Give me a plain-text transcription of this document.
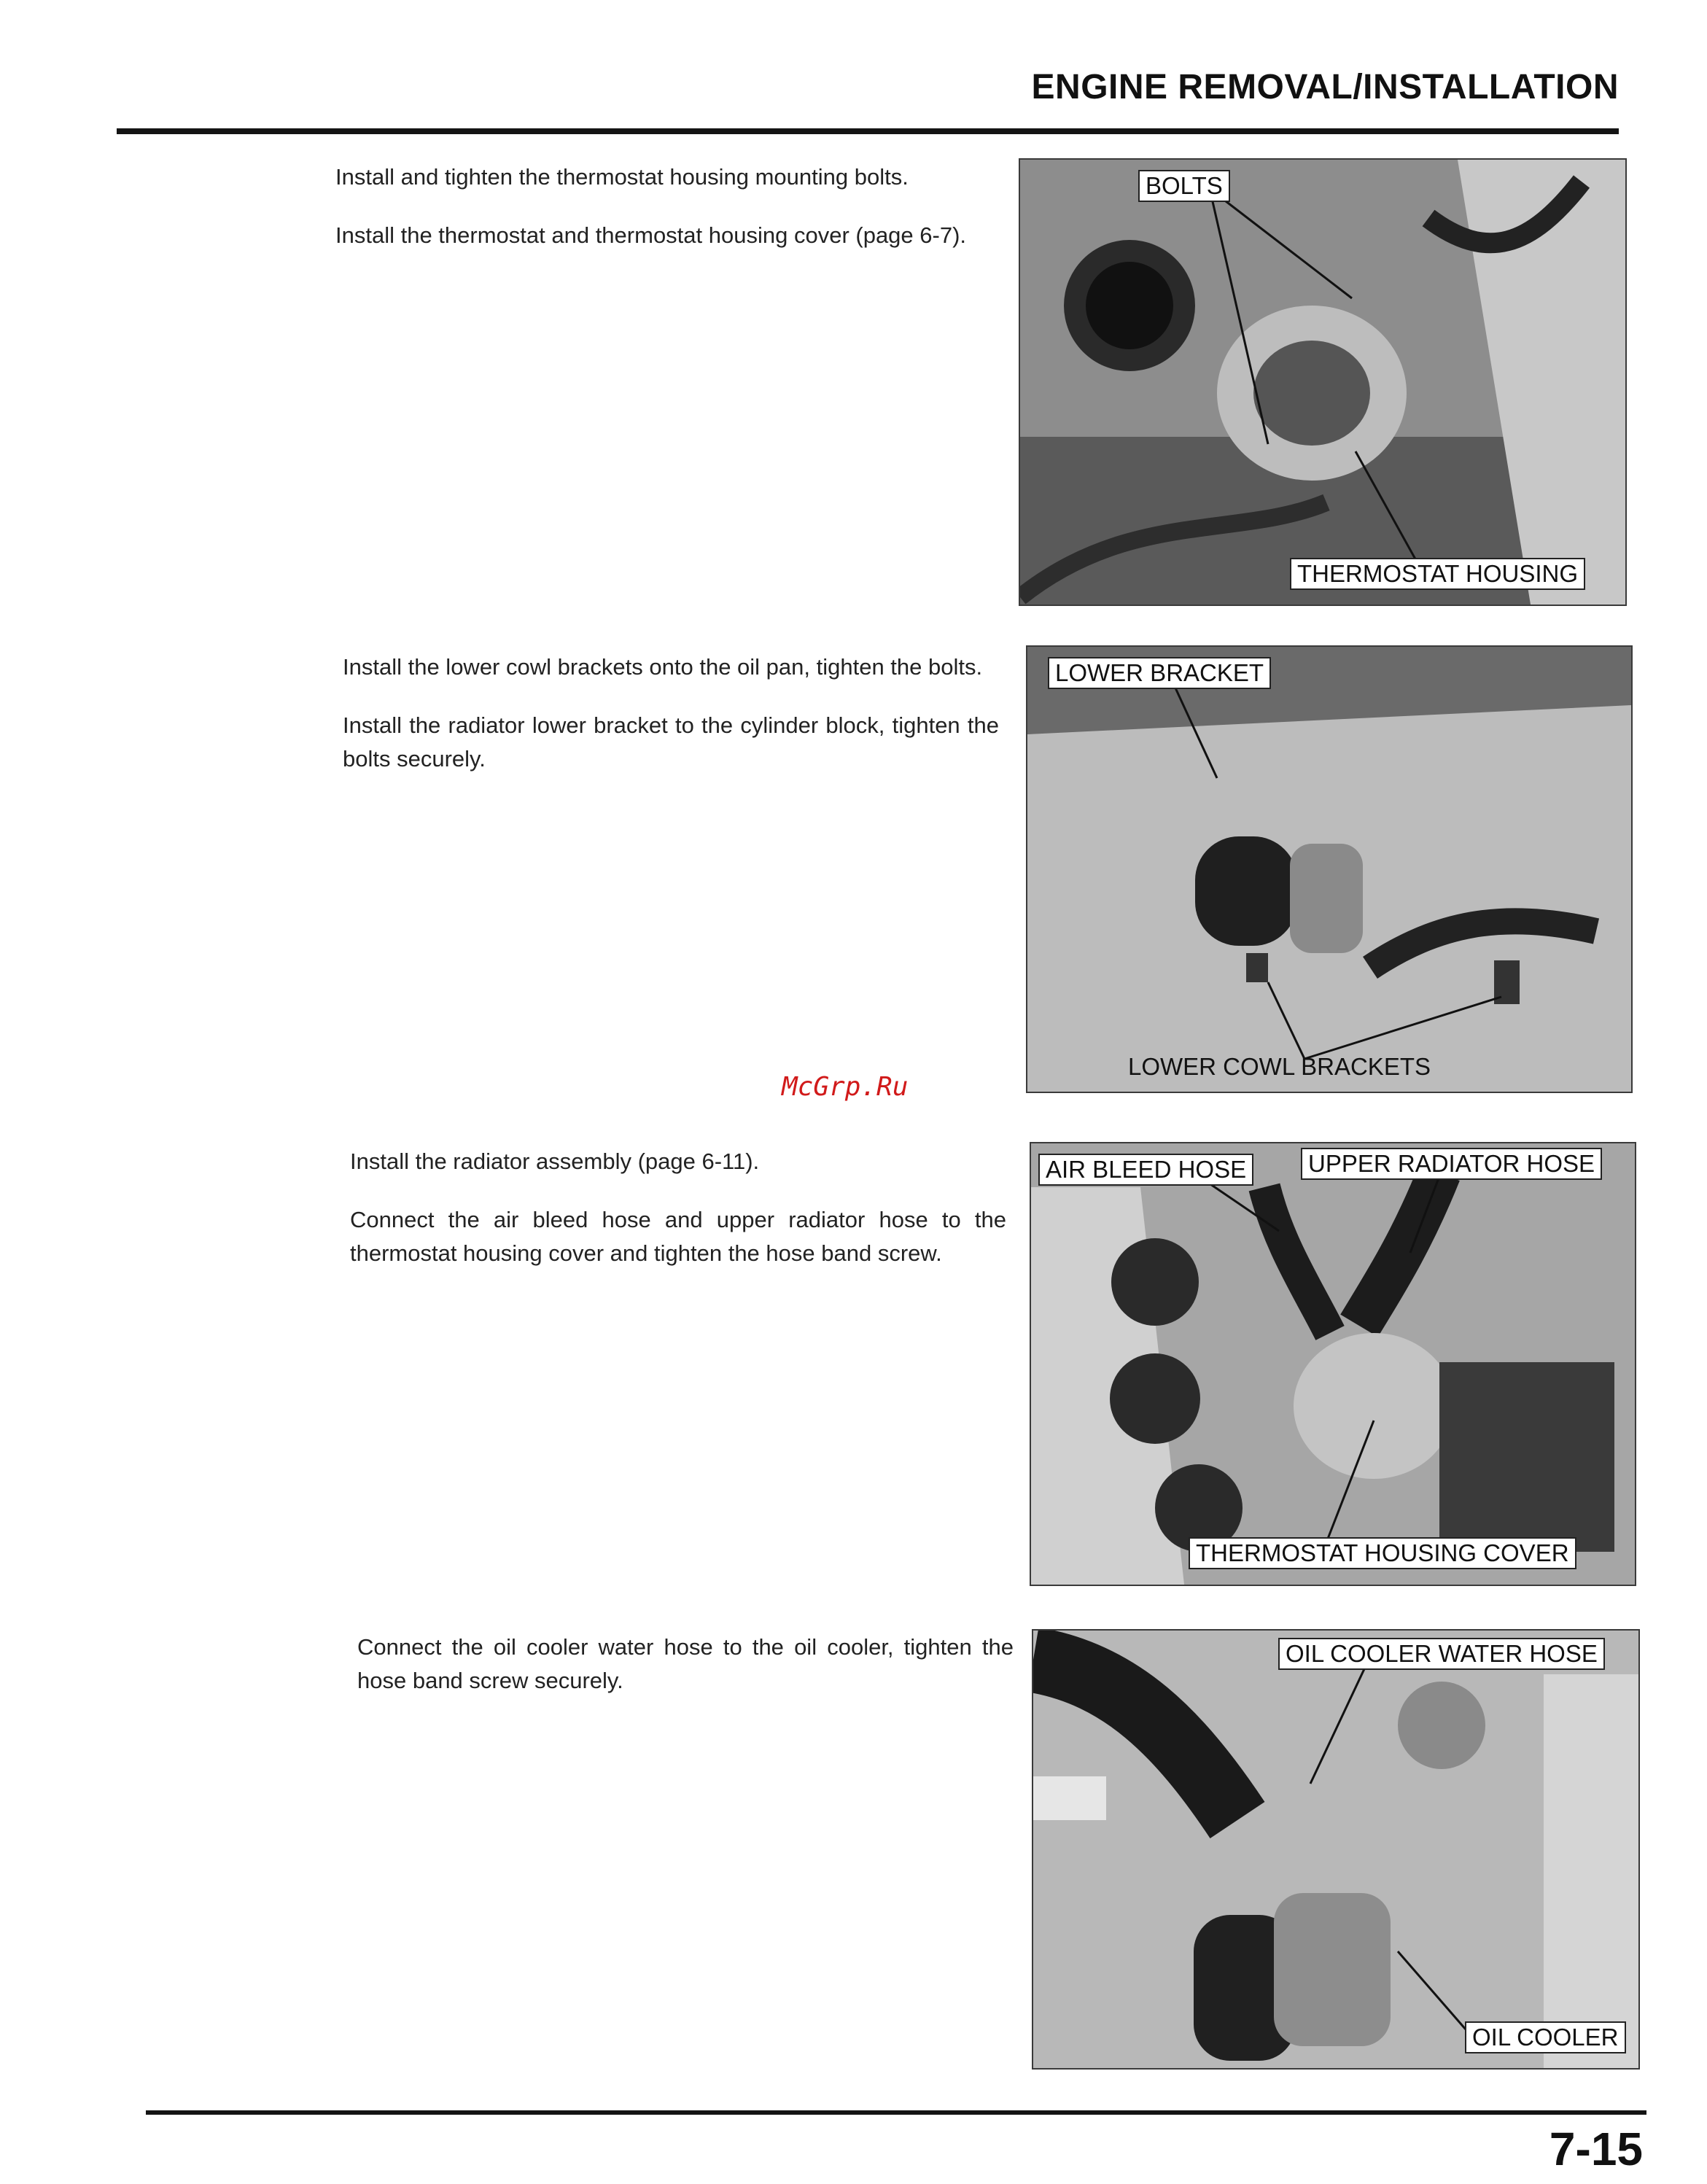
ENGINE REMOVAL/INSTALLATION

Install and tighten the thermostat housing mounting bolts.

Install the thermostat and thermostat housing cover (page 6-7).

BOLTS
THERMOSTAT HOUSING

Install the lower cowl brackets onto the oil pan, tighten the bolts.

Install the radiator lower bracket to the cylinder block, tighten the bolts securely.

LOWER BRACKET
LOWER COWL BRACKETS
McGrp.Ru

Install the radiator assembly (page 6-11).

Connect the air bleed hose and upper radiator hose to the thermostat housing cover and tighten the hose band screw.

AIR BLEED HOSE	UPPER RADIATOR HOSE
THERMOSTAT HOUSING COVER

Connect the oil cooler water hose to the oil cooler, tighten the hose band screw securely.

OIL COOLER WATER HOSE
OIL COOLER
7-15
